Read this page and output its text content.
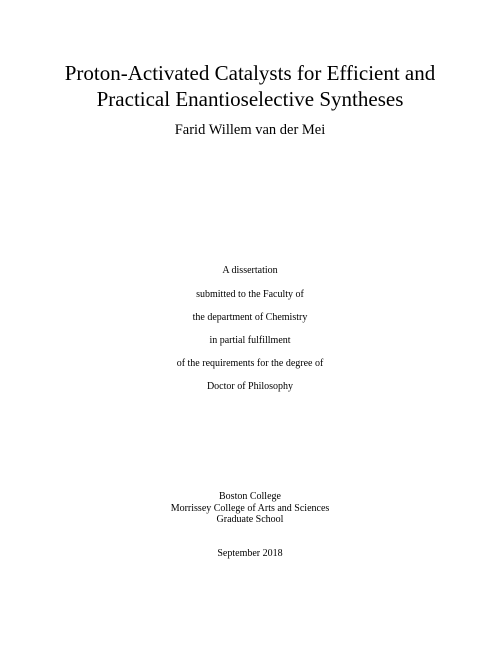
Proton-Activated Catalysts for Efficient and
Practical Enantioselective Syntheses
Farid Willem van der Mei
A dissertation
submitted to the Faculty of
the department of Chemistry
in partial fulfillment
of the requirements for the degree of
Doctor of Philosophy
Boston College
Morrissey College of Arts and Sciences
Graduate School
September 2018
